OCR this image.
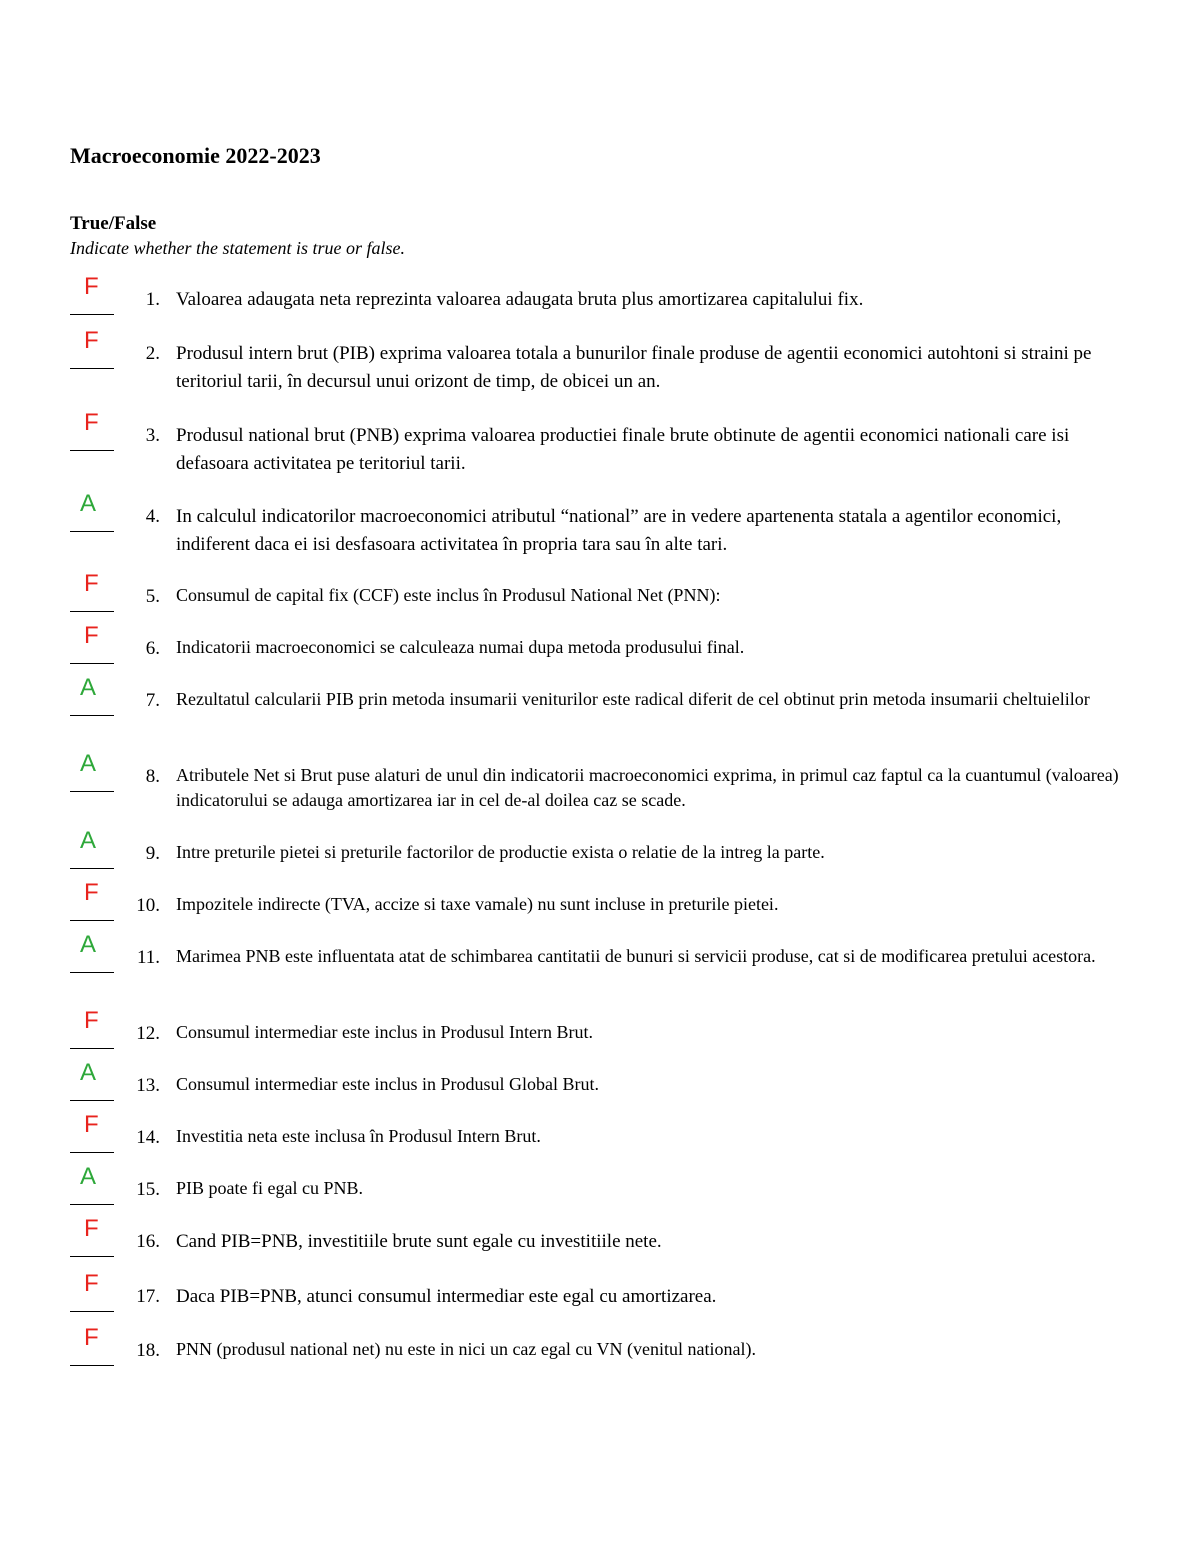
Macroeconomie 2022-2023
True/False
Indicate whether the statement is true or false.
F	1. Valoarea adaugata neta reprezinta valoarea adaugata bruta plus amortizarea capitalului fix.
F	2. Produsul intern brut (PIB) exprima valoarea totala a bunurilor finale produse de agentii economici autohtoni si straini pe teritoriul tarii, în decursul unui orizont de timp, de obicei un an.
F	3. Produsul national brut (PNB) exprima valoarea productiei finale brute obtinute de agentii economici nationali care isi defasoara activitatea pe teritoriul tarii.
A	4. In calculul indicatorilor macroeconomici atributul “national” are in vedere apartenenta statala a agentilor economici, indiferent daca ei isi desfasoara activitatea în propria tara sau în alte tari.
F	5. Consumul de capital fix (CCF) este inclus în Produsul National Net (PNN):
F	6. Indicatorii macroeconomici se calculeaza numai dupa metoda produsului final.
A	7. Rezultatul calcularii PIB prin metoda insumarii veniturilor este radical diferit de cel obtinut prin metoda insumarii cheltuielilor
A	8. Atributele Net si Brut puse alaturi de unul din indicatorii macroeconomici exprima, in primul caz faptul ca la cuantumul (valoarea) indicatorului se adauga amortizarea iar in cel de-al doilea caz se scade.
A	9. Intre preturile pietei si preturile factorilor de productie exista o relatie de la intreg la parte.
F	10. Impozitele indirecte (TVA, accize si taxe vamale) nu sunt incluse in preturile pietei.
A	11. Marimea PNB este influentata atat de schimbarea cantitatii de bunuri si servicii produse, cat si de modificarea pretului acestora.
F	12. Consumul intermediar este inclus in Produsul Intern Brut.
A	13. Consumul intermediar este inclus in Produsul Global Brut.
F	14. Investitia neta este inclusa în Produsul Intern Brut.
A	15. PIB poate fi egal cu PNB.
F	16. Cand PIB=PNB, investitiile brute sunt egale cu investitiile nete.
F	17. Daca PIB=PNB, atunci consumul intermediar este egal cu amortizarea.
F	18. PNN (produsul national net) nu este in nici un caz egal cu VN (venitul national).
